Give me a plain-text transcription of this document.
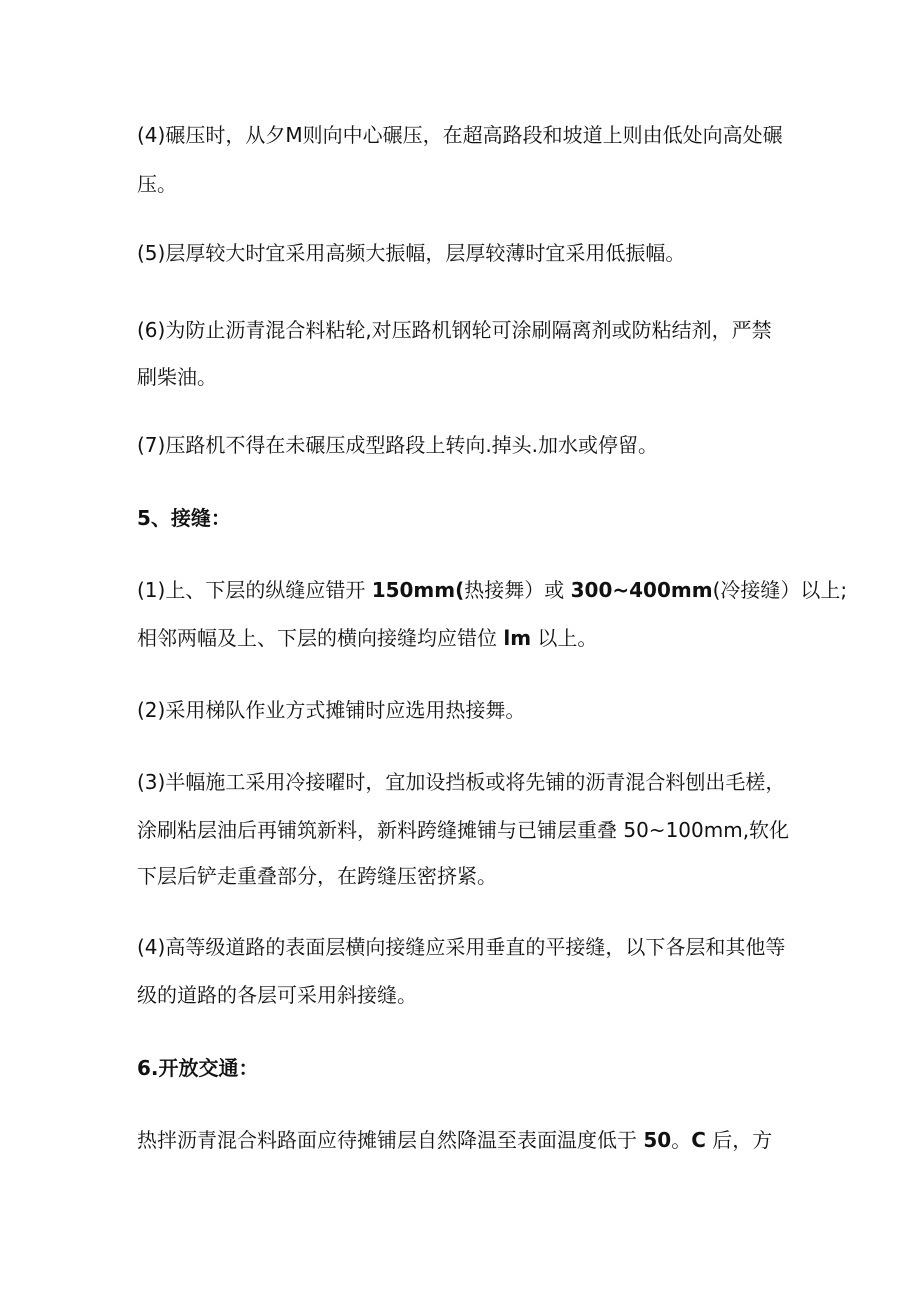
(4)碾压时，从夕M则向中心碾压，在超高路段和坡道上则由低处向高处碾
压。
(5)层厚较大时宜采用高频大振幅，层厚较薄时宜采用低振幅。
(6)为防止沥青混合料粘轮,对压路机钢轮可涂刷隔离剂或防粘结剂，严禁
刷柴油。
(7)压路机不得在未碾压成型路段上转向.掉头.加水或停留。
5、接缝：
(1)上、下层的纵缝应错开 150mm(热接舞）或 300~400mm(冷接缝）以上;
相邻两幅及上、下层的横向接缝均应错位 lm 以上。
(2)采用梯队作业方式摊铺时应选用热接舞。
(3)半幅施工采用冷接曜时，宜加设挡板或将先铺的沥青混合料刨出毛槎，
涂刷粘层油后再铺筑新料，新料跨缝摊铺与已铺层重叠 50~100mm,软化
下层后铲走重叠部分，在跨缝压密挤紧。
(4)高等级道路的表面层横向接缝应采用垂直的平接缝，以下各层和其他等
级的道路的各层可采用斜接缝。
6.开放交通：
热拌沥青混合料路面应待摊铺层自然降温至表面温度低于 50。C 后，方
